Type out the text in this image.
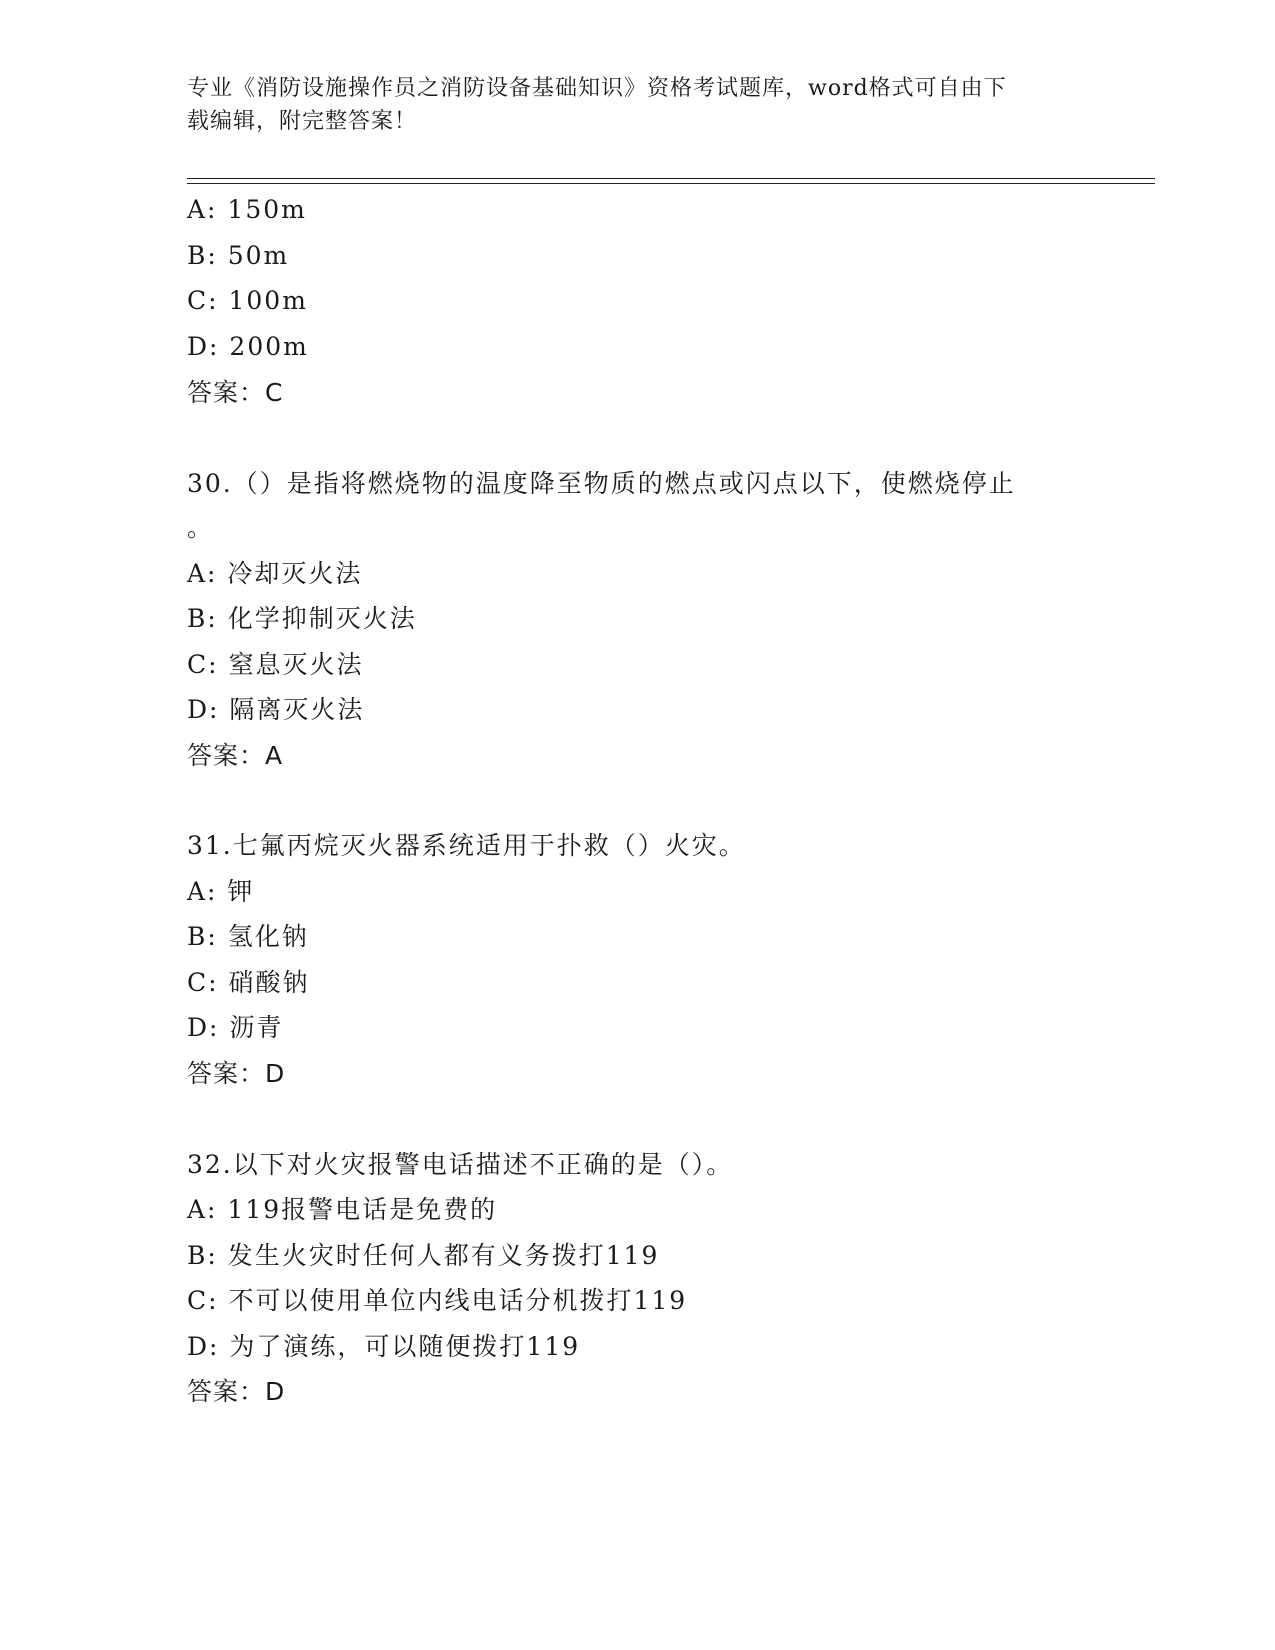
专业《消防设施操作员之消防设备基础知识》资格考试题库，word格式可自由下
载编辑，附完整答案！
A: 150m
B: 50m
C: 100m
D: 200m
答案：C
30.（）是指将燃烧物的温度降至物质的燃点或闪点以下，使燃烧停止
。
A: 冷却灭火法
B: 化学抑制灭火法
C: 窒息灭火法
D: 隔离灭火法
答案：A
31.七氟丙烷灭火器系统适用于扑救（）火灾。
A: 钾
B: 氢化钠
C: 硝酸钠
D: 沥青
答案：D
32.以下对火灾报警电话描述不正确的是（）。
A: 119报警电话是免费的
B: 发生火灾时任何人都有义务拨打119
C: 不可以使用单位内线电话分机拨打119
D: 为了演练，可以随便拨打119
答案：D
